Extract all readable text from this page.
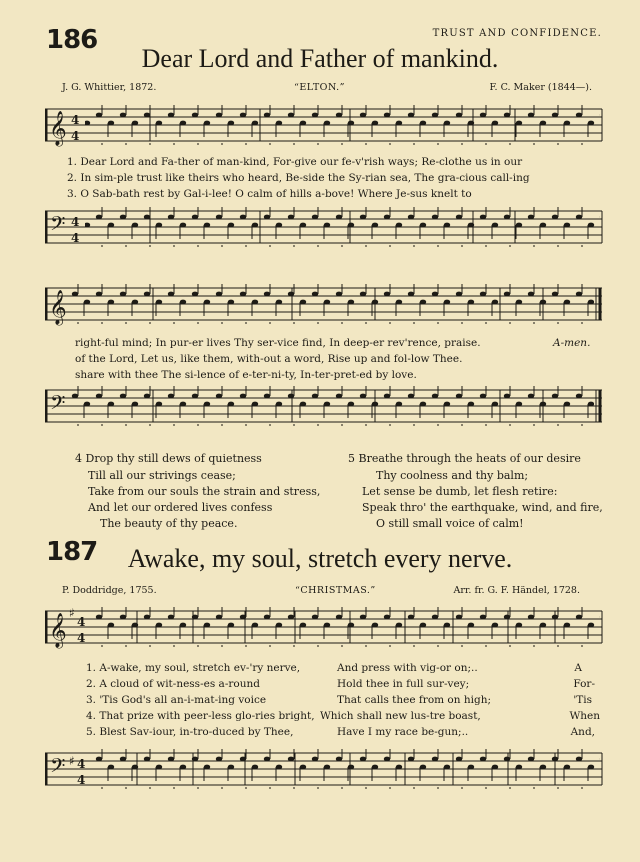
186	TRUST AND CONFIDENCE.
Dear Lord and Father of mankind.
J. G. Whittier, 1872.	“ELTON.”	F. C. Maker (1844—).
𝄞 4
4
1. Dear Lord and Fa-ther of man-kind, For-give our fe-v'rish ways; Re-clothe us in our
2. In sim-ple trust like theirs who heard, Be-side the Sy-rian sea, The gra-cious call-ing
3. O Sab-bath rest by Gal-i-lee! O calm of hills a-bove! Where Je-sus knelt to
𝄢 4
4
𝄞
right-ful mind; In pur-er lives Thy ser-vice find, In deep-er rev'rence, praise.	A-men.
of the Lord, Let us, like them, with-out a word, Rise up and fol-low Thee.
share with thee The si-lence of e-ter-ni-ty, In-ter-pret-ed by love.
𝄢
4 Drop thy still dews of quietness
Till all our strivings cease;
Take from our souls the strain and stress,
And let our ordered lives confess
The beauty of thy peace.
5 Breathe through the heats of our desire
Thy coolness and thy balm;
Let sense be dumb, let flesh retire:
Speak thro' the earthquake, wind, and fire,
O still small voice of calm!
187	Awake, my soul, stretch every nerve.
P. Doddridge, 1755.	“CHRISTMAS.”	Arr. fr. G. F. Händel, 1728.
𝄞 ♯
4
4
1. A-wake, my soul, stretch ev-'ry nerve,	And press with vig-or on;..	A
2. A cloud of wit-ness-es a-round	Hold thee in full sur-vey;	For-
3. 'Tis God's all an-i-mat-ing voice	That calls thee from on high;	'Tis
4. That prize with peer-less glo-ries bright, Which shall new lus-tre boast,	When
5. Blest Sav-iour, in-tro-duced by Thee,	Have I my race be-gun;..	And,
𝄢 ♯ 4
4
